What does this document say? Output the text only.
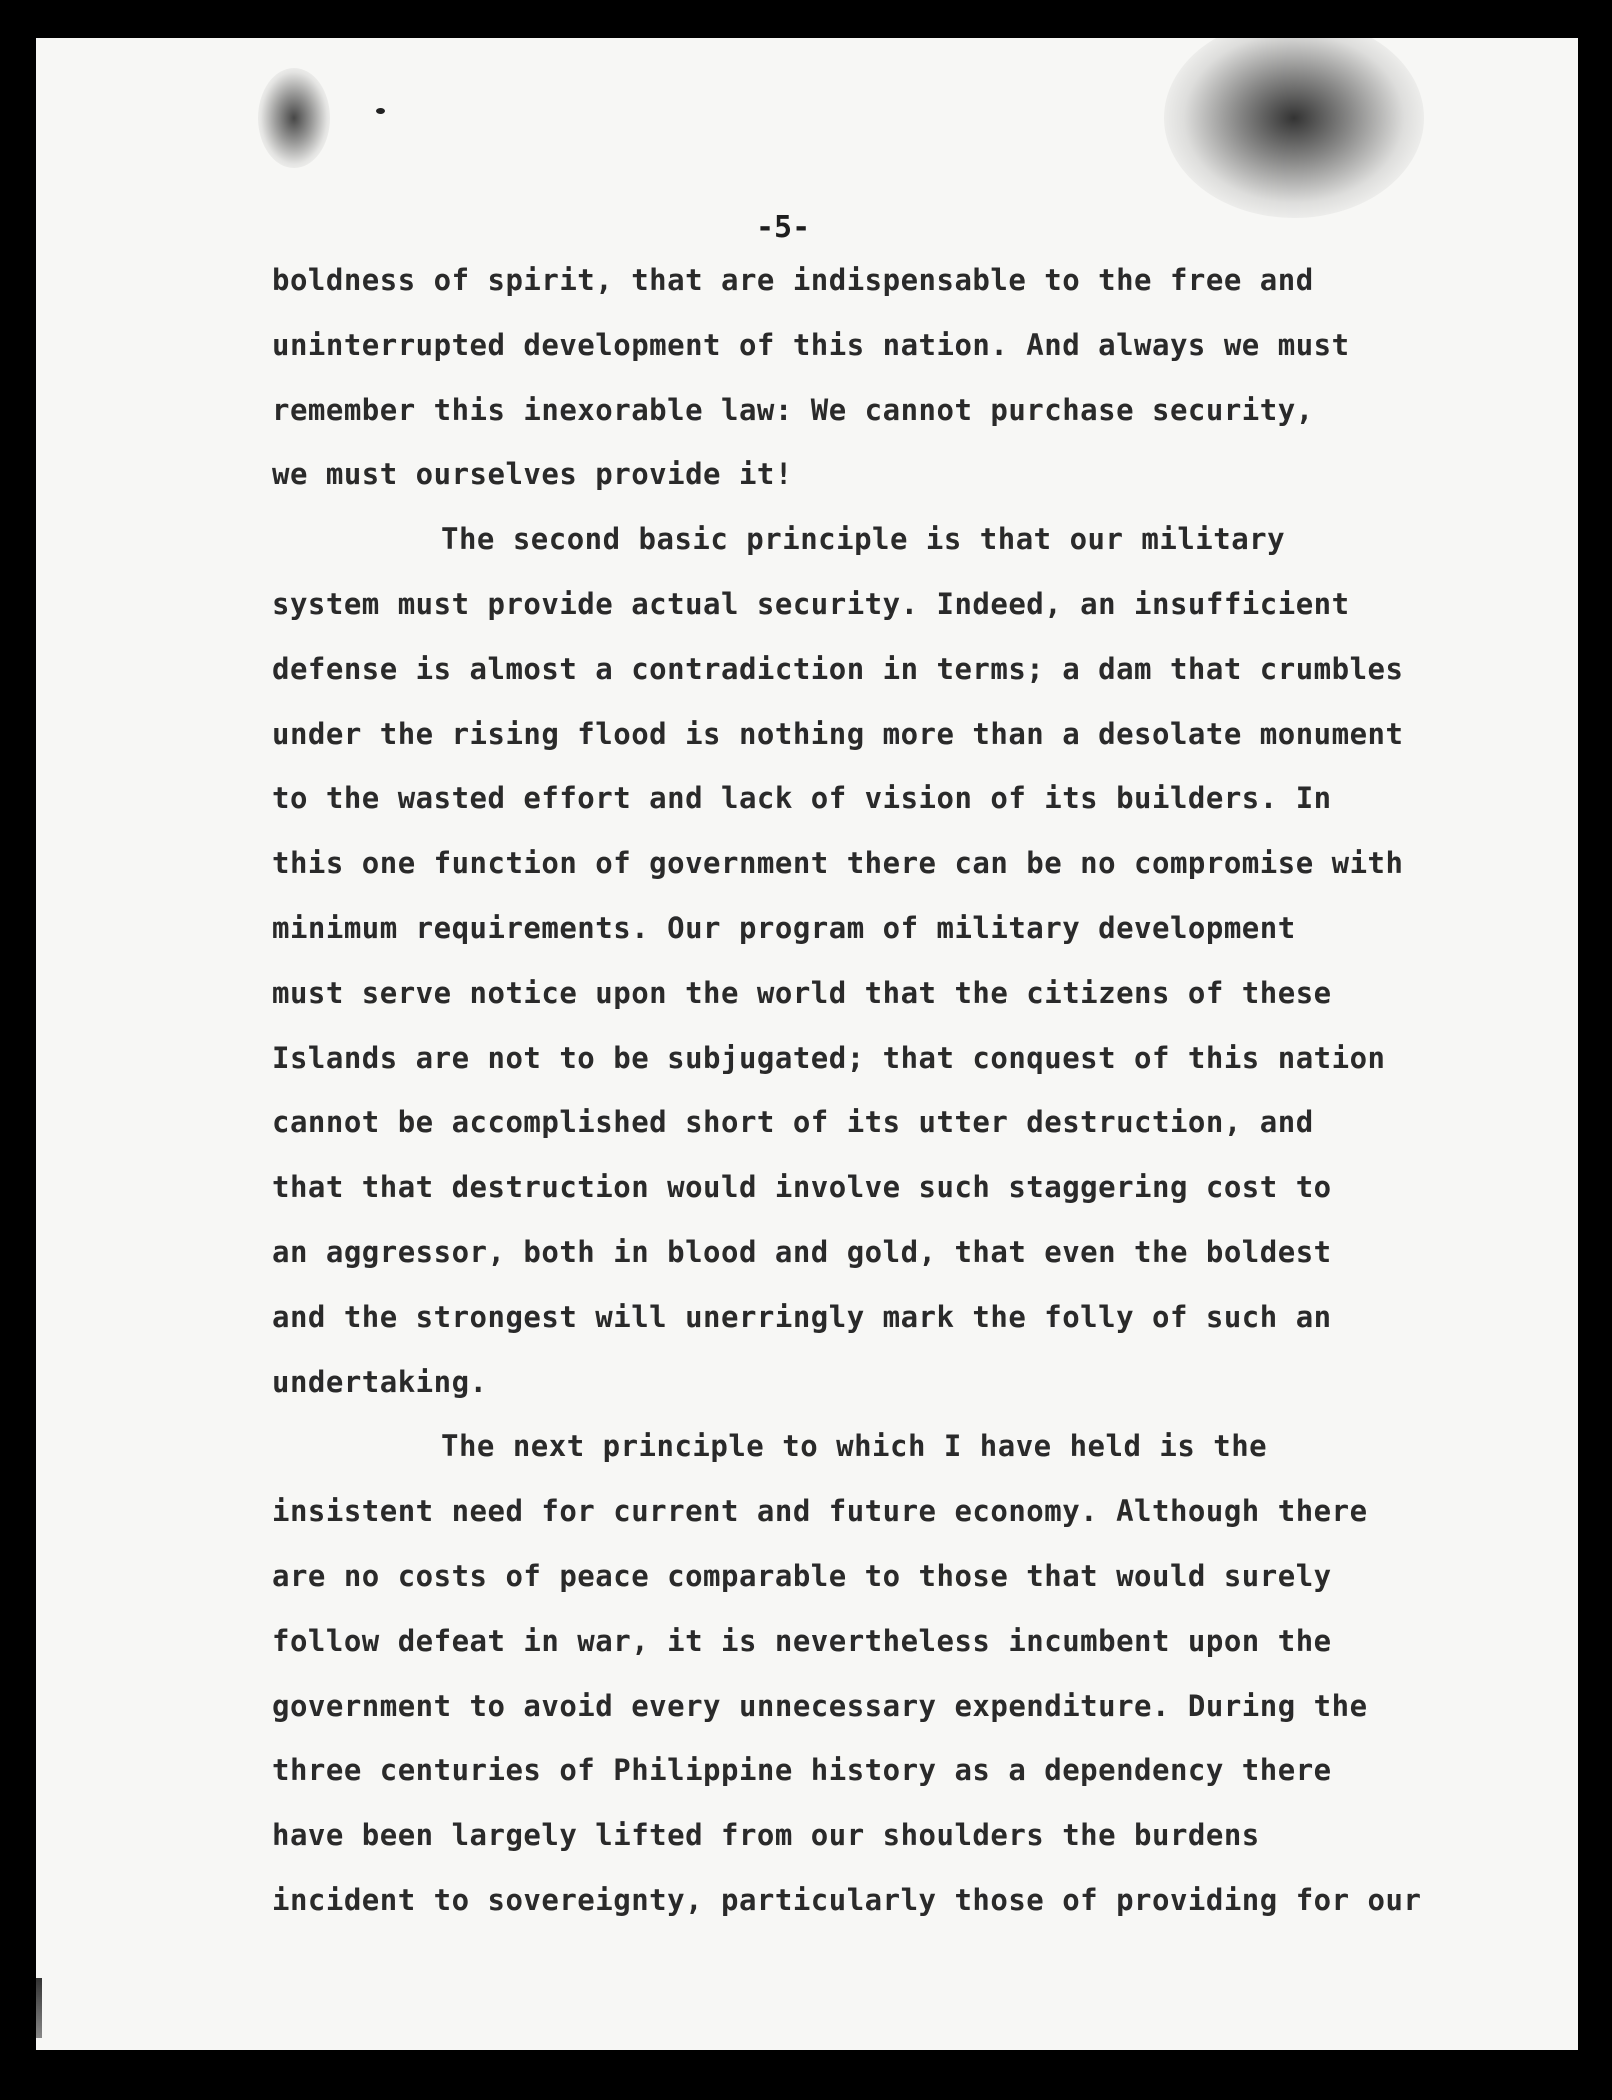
-5-
boldness of spirit, that are indispensable to the free and
uninterrupted development of this nation. And always we must
remember this inexorable law: We cannot purchase security,
we must ourselves provide it!
The second basic principle is that our military
system must provide actual security. Indeed, an insufficient
defense is almost a contradiction in terms; a dam that crumbles
under the rising flood is nothing more than a desolate monument
to the wasted effort and lack of vision of its builders. In
this one function of government there can be no compromise with
minimum requirements. Our program of military development
must serve notice upon the world that the citizens of these
Islands are not to be subjugated; that conquest of this nation
cannot be accomplished short of its utter destruction, and
that that destruction would involve such staggering cost to
an aggressor, both in blood and gold, that even the boldest
and the strongest will unerringly mark the folly of such an
undertaking.
The next principle to which I have held is the
insistent need for current and future economy. Although there
are no costs of peace comparable to those that would surely
follow defeat in war, it is nevertheless incumbent upon the
government to avoid every unnecessary expenditure. During the
three centuries of Philippine history as a dependency there
have been largely lifted from our shoulders the burdens
incident to sovereignty, particularly those of providing for our
